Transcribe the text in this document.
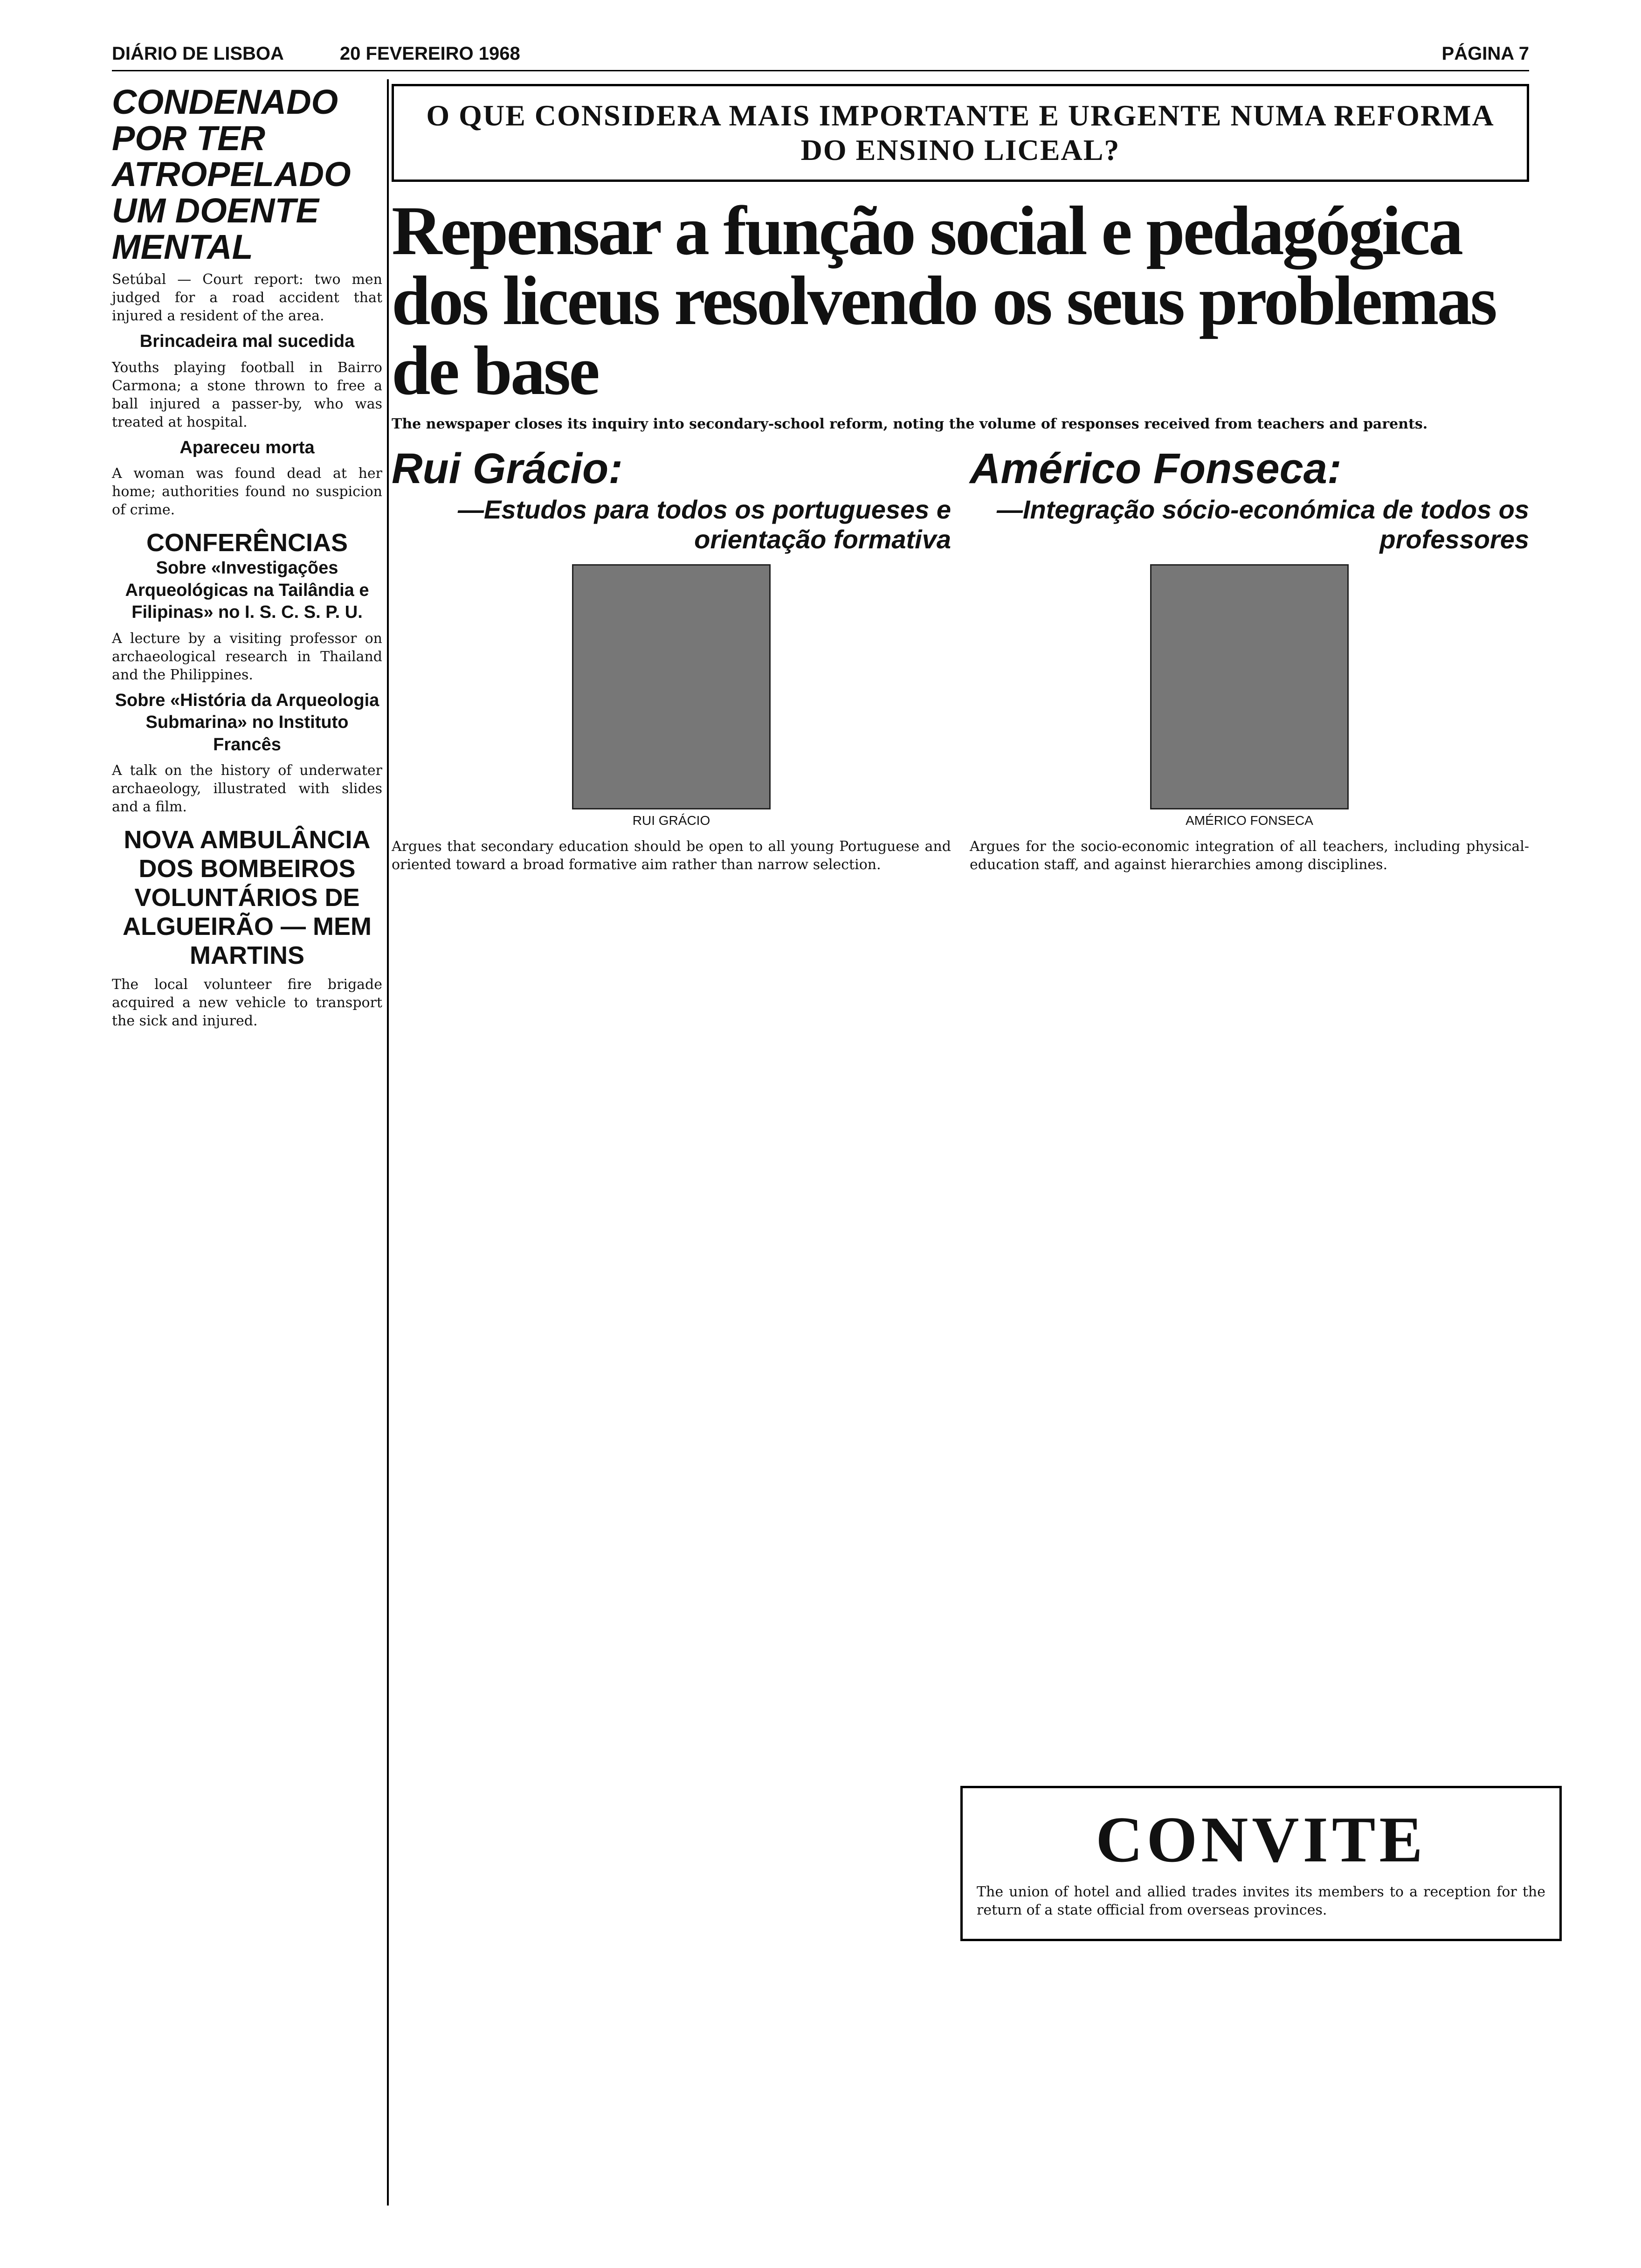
DIÁRIO DE LISBOA	20 FEVEREIRO 1968	PÁGINA 7
CONDENADO POR TER ATROPELADO UM DOENTE MENTAL

Setúbal — Court report: two men judged for a road accident that injured a resident of the area.

Brincadeira mal sucedida

Youths playing football in Bairro Carmona; a stone thrown to free a ball injured a passer-by, who was treated at hospital.

Apareceu morta

A woman was found dead at her home; authorities found no suspicion of crime.

CONFERÊNCIAS
Sobre «Investigações Arqueológicas na Tailândia e Filipinas» no I. S. C. S. P. U.

A lecture by a visiting professor on archaeological research in Thailand and the Philippines.

Sobre «História da Arqueologia Submarina» no Instituto Francês

A talk on the history of underwater archaeology, illustrated with slides and a film.

NOVA AMBULÂNCIA DOS BOMBEIROS VOLUNTÁRIOS DE ALGUEIRÃO — MEM MARTINS

The local volunteer fire brigade acquired a new vehicle to transport the sick and injured.

O QUE CONSIDERA MAIS IMPORTANTE E URGENTE NUMA REFORMA DO ENSINO LICEAL?
Repensar a função social e pedagógica dos liceus resolvendo os seus problemas de base

The newspaper closes its inquiry into secondary-school reform, noting the volume of responses received from teachers and parents.

Rui Grácio:
—Estudos para todos os portugueses e orientação formativa
RUI GRÁCIO

Argues that secondary education should be open to all young Portuguese and oriented toward a broad formative aim rather than narrow selection.

Américo Fonseca:
—Integração sócio-económica de todos os professores
AMÉRICO FONSECA

Argues for the socio-economic integration of all teachers, including physical-education staff, and against hierarchies among disciplines.

CONVITE

The union of hotel and allied trades invites its members to a reception for the return of a state official from overseas provinces.
